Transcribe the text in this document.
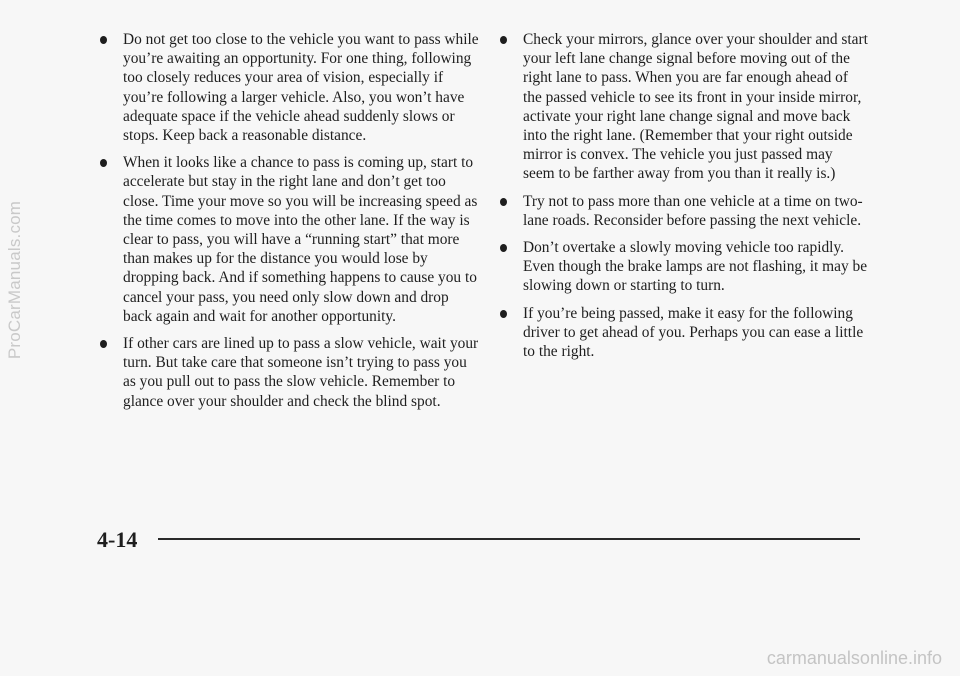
ProCarManuals.com
Do not get too close to the vehicle you want to pass while you’re awaiting an opportunity. For one thing, following too closely reduces your area of vision, especially if you’re following a larger vehicle. Also, you won’t have adequate space if the vehicle ahead suddenly slows or stops. Keep back a reasonable distance.
When it looks like a chance to pass is coming up, start to accelerate but stay in the right lane and don’t get too close. Time your move so you will be increasing speed as the time comes to move into the other lane. If the way is clear to pass, you will have a “running start” that more than makes up for the distance you would lose by dropping back. And if something happens to cause you to cancel your pass, you need only slow down and drop back again and wait for another opportunity.
If other cars are lined up to pass a slow vehicle, wait your turn. But take care that someone isn’t trying to pass you as you pull out to pass the slow vehicle. Remember to glance over your shoulder and check the blind spot.
Check your mirrors, glance over your shoulder and start your left lane change signal before moving out of the right lane to pass. When you are far enough ahead of the passed vehicle to see its front in your inside mirror, activate your right lane change signal and move back into the right lane. (Remember that your right outside mirror is convex. The vehicle you just passed may seem to be farther away from you than it really is.)
Try not to pass more than one vehicle at a time on two-lane roads. Reconsider before passing the next vehicle.
Don’t overtake a slowly moving vehicle too rapidly. Even though the brake lamps are not flashing, it may be slowing down or starting to turn.
If you’re being passed, make it easy for the following driver to get ahead of you. Perhaps you can ease a little to the right.
4-14
carmanualsonline.info
